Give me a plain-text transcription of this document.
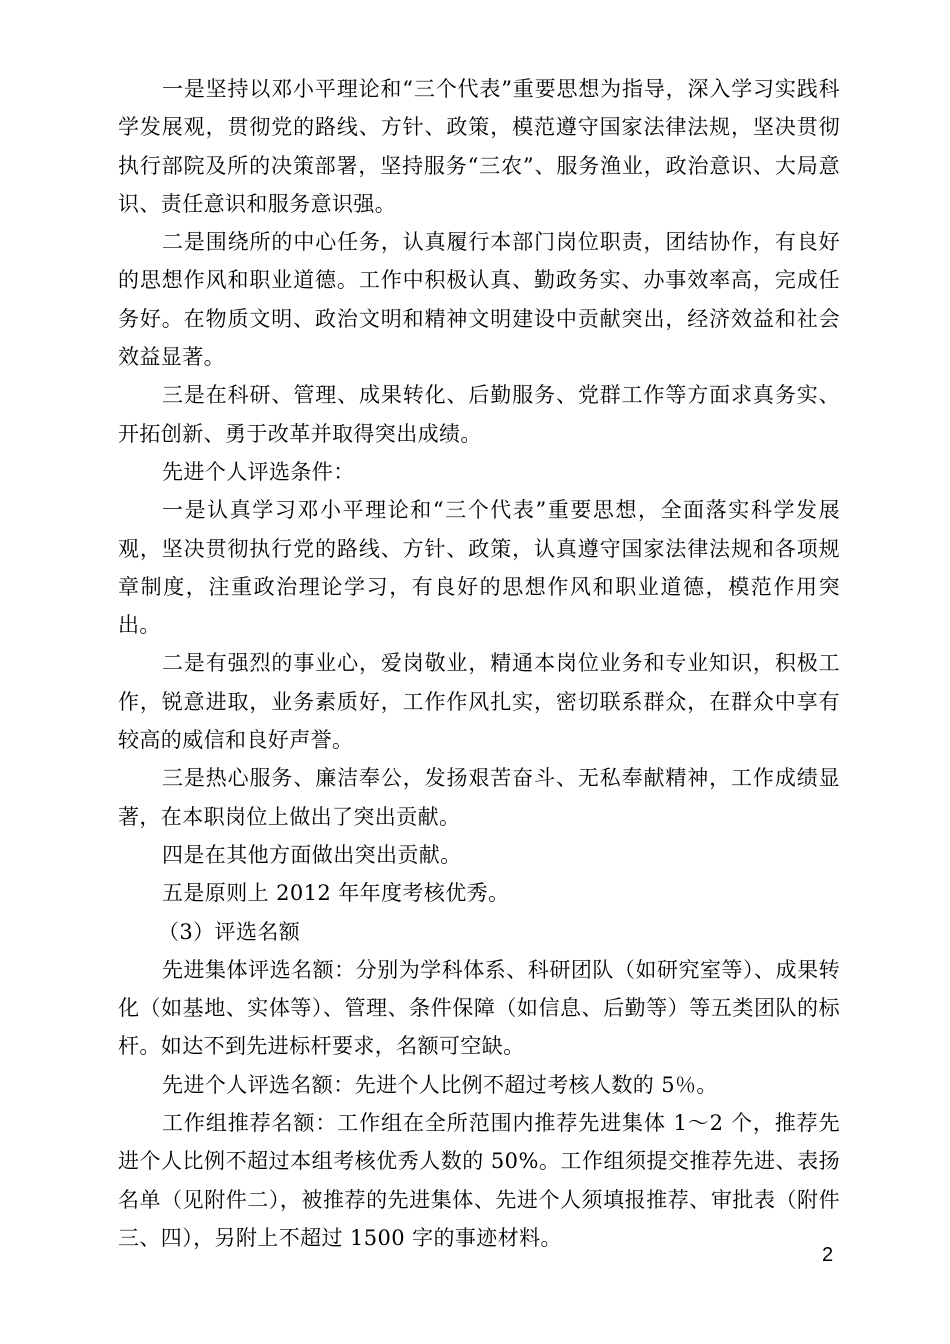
一是坚持以邓小平理论和“三个代表”重要思想为指导，深入学习实践科学发展观，贯彻党的路线、方针、政策，模范遵守国家法律法规，坚决贯彻执行部院及所的决策部署，坚持服务“三农”、服务渔业，政治意识、大局意识、责任意识和服务意识强。

二是围绕所的中心任务，认真履行本部门岗位职责，团结协作，有良好的思想作风和职业道德。工作中积极认真、勤政务实、办事效率高，完成任务好。在物质文明、政治文明和精神文明建设中贡献突出，经济效益和社会效益显著。

三是在科研、管理、成果转化、后勤服务、党群工作等方面求真务实、开拓创新、勇于改革并取得突出成绩。

先进个人评选条件：

一是认真学习邓小平理论和“三个代表”重要思想，全面落实科学发展观，坚决贯彻执行党的路线、方针、政策，认真遵守国家法律法规和各项规章制度，注重政治理论学习，有良好的思想作风和职业道德，模范作用突出。

二是有强烈的事业心，爱岗敬业，精通本岗位业务和专业知识，积极工作，锐意进取，业务素质好，工作作风扎实，密切联系群众，在群众中享有较高的威信和良好声誉。

三是热心服务、廉洁奉公，发扬艰苦奋斗、无私奉献精神，工作成绩显著，在本职岗位上做出了突出贡献。

四是在其他方面做出突出贡献。

五是原则上 2012 年年度考核优秀。

（3）评选名额

先进集体评选名额：分别为学科体系、科研团队（如研究室等）、成果转化（如基地、实体等）、管理、条件保障（如信息、后勤等）等五类团队的标杆。如达不到先进标杆要求，名额可空缺。

先进个人评选名额：先进个人比例不超过考核人数的 5％。

工作组推荐名额：工作组在全所范围内推荐先进集体 1～2 个，推荐先进个人比例不超过本组考核优秀人数的 50%。工作组须提交推荐先进、表扬名单（见附件二），被推荐的先进集体、先进个人须填报推荐、审批表（附件三、四），另附上不超过 1500 字的事迹材料。

2
